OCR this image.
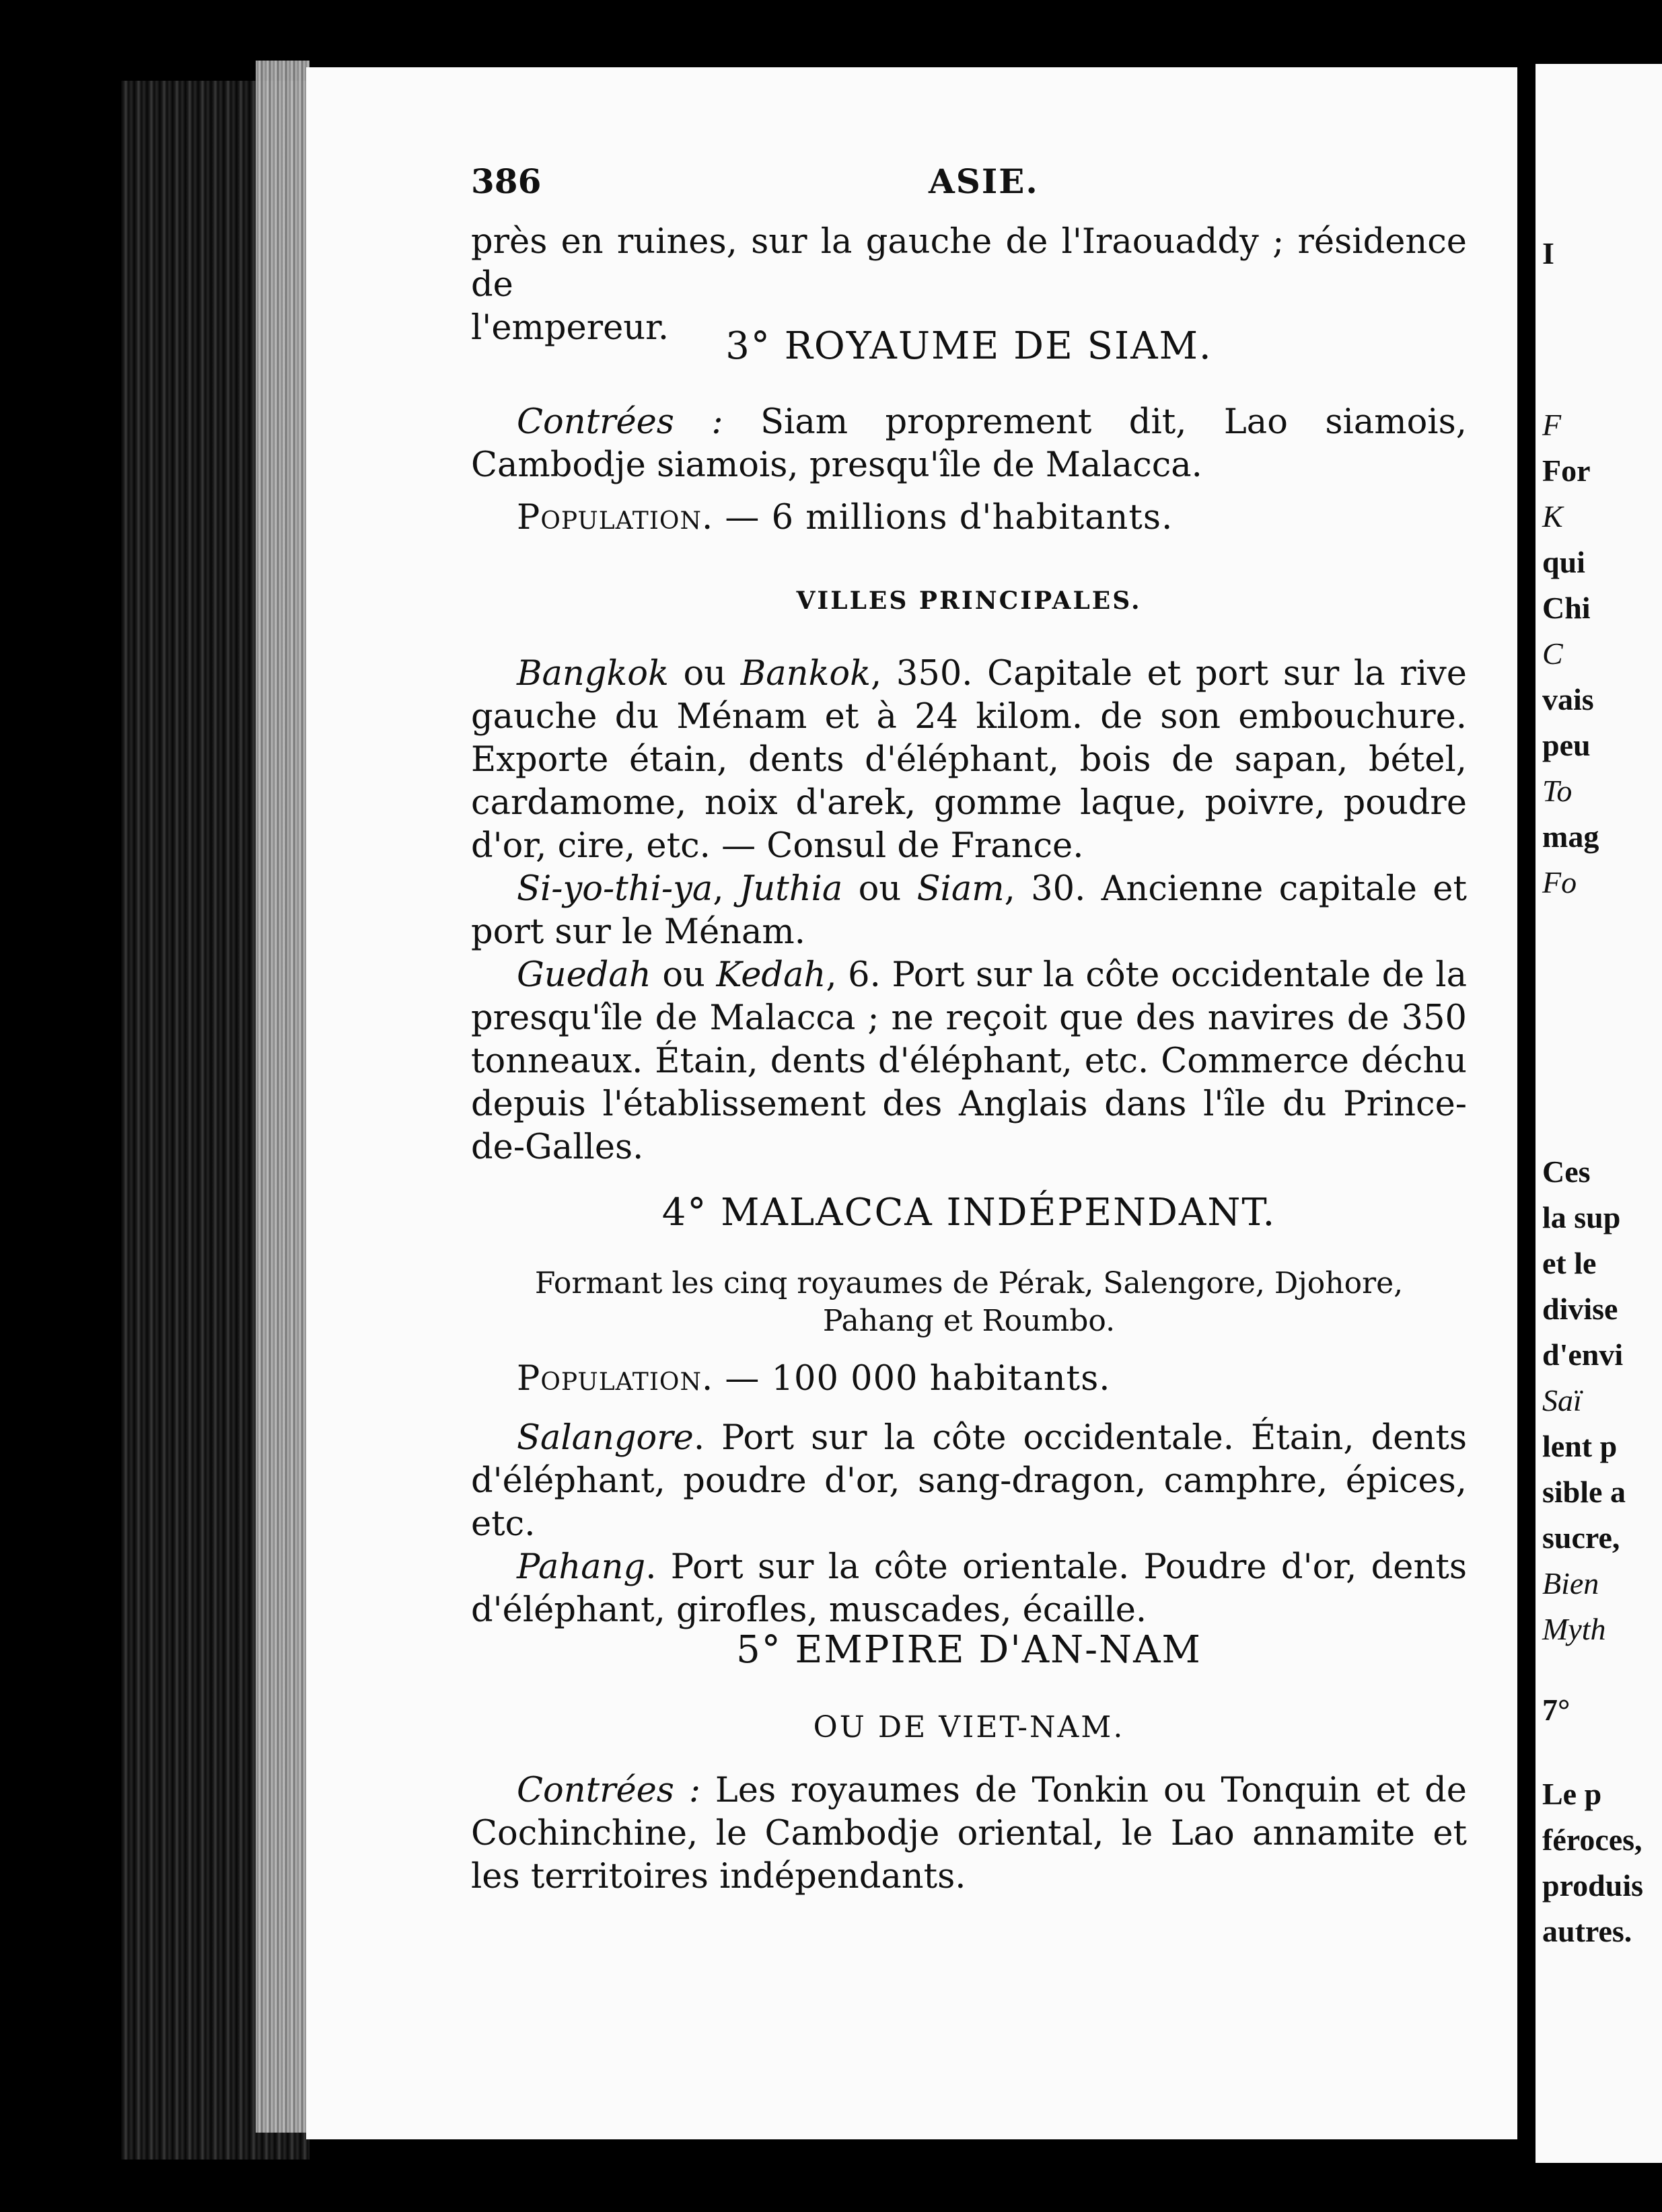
I
F
For
K
qui
Chi
C
vais
peu
To
mag
Fo
Ces
la sup
et le
divise
d'envi
Saï
lent p
sible a
sucre,
Bien
Myth
7°
Le p
féroces,
produis
autres.
386	ASIE.

près en ruines, sur la gauche de l'Iraouaddy ; résidence de

l'empereur.	3° ROYAUME DE SIAM.

Contrées : Siam proprement dit, Lao siamois, Cambodje siamois, presqu'île de Malacca.

Population. — 6 millions d'habitants.
VILLES PRINCIPALES.

Bangkok ou Bankok, 350. Capitale et port sur la rive gauche du Ménam et à 24 kilom. de son embouchure. Exporte étain, dents d'éléphant, bois de sapan, bétel, cardamome, noix d'arek, gomme laque, poivre, poudre d'or, cire, etc. — Consul de France.

Si-yo-thi-ya, Juthia ou Siam, 30. Ancienne capitale et port sur le Ménam.

Guedah ou Kedah, 6. Port sur la côte occidentale de la presqu'île de Malacca ; ne reçoit que des navires de 350 tonneaux. Étain, dents d'éléphant, etc. Commerce déchu depuis l'établissement des Anglais dans l'île du Prince-de-Galles.

4° MALACCA INDÉPENDANT.
Formant les cinq royaumes de Pérak, Salengore, Djohore,
Pahang et Roumbo.
Population. — 100 000 habitants.

Salangore. Port sur la côte occidentale. Étain, dents d'éléphant, poudre d'or, sang-dragon, camphre, épices, etc.

Pahang. Port sur la côte orientale. Poudre d'or, dents d'éléphant, girofles, muscades, écaille.

5° EMPIRE D'AN-NAM
OU DE VIET-NAM.

Contrées : Les royaumes de Tonkin ou Tonquin et de Cochinchine, le Cambodje oriental, le Lao annamite et les territoires indépendants.
